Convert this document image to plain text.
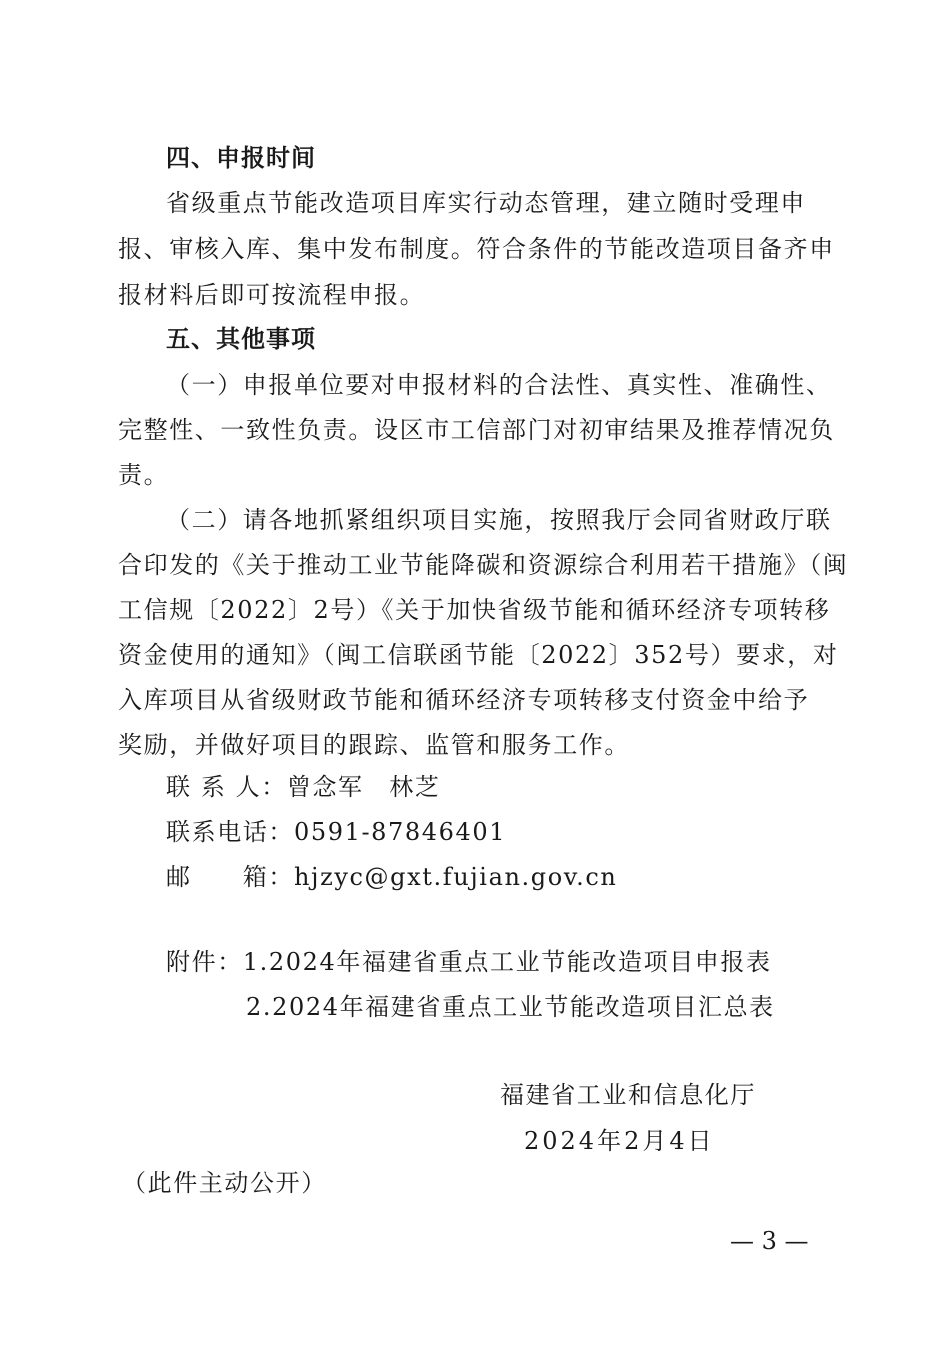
四、申报时间
省级重点节能改造项目库实行动态管理，建立随时受理申
报、审核入库、集中发布制度。符合条件的节能改造项目备齐申
报材料后即可按流程申报。
五、其他事项
（一）申报单位要对申报材料的合法性、真实性、准确性、
完整性、一致性负责。设区市工信部门对初审结果及推荐情况负
责。
（二）请各地抓紧组织项目实施，按照我厅会同省财政厅联
合印发的《关于推动工业节能降碳和资源综合利用若干措施》（闽
工信规〔2022〕2号）《关于加快省级节能和循环经济专项转移
资金使用的通知》（闽工信联函节能〔2022〕352号）要求，对
入库项目从省级财政节能和循环经济专项转移支付资金中给予
奖励，并做好项目的跟踪、监管和服务工作。
联 系 人：曾念军　林芝
联系电话：0591-87846401
邮　　箱：hjzyc@gxt.fujian.gov.cn
附件：1.2024年福建省重点工业节能改造项目申报表
2.2024年福建省重点工业节能改造项目汇总表
福建省工业和信息化厅
2024年2月4日
（此件主动公开）
— 3 —
